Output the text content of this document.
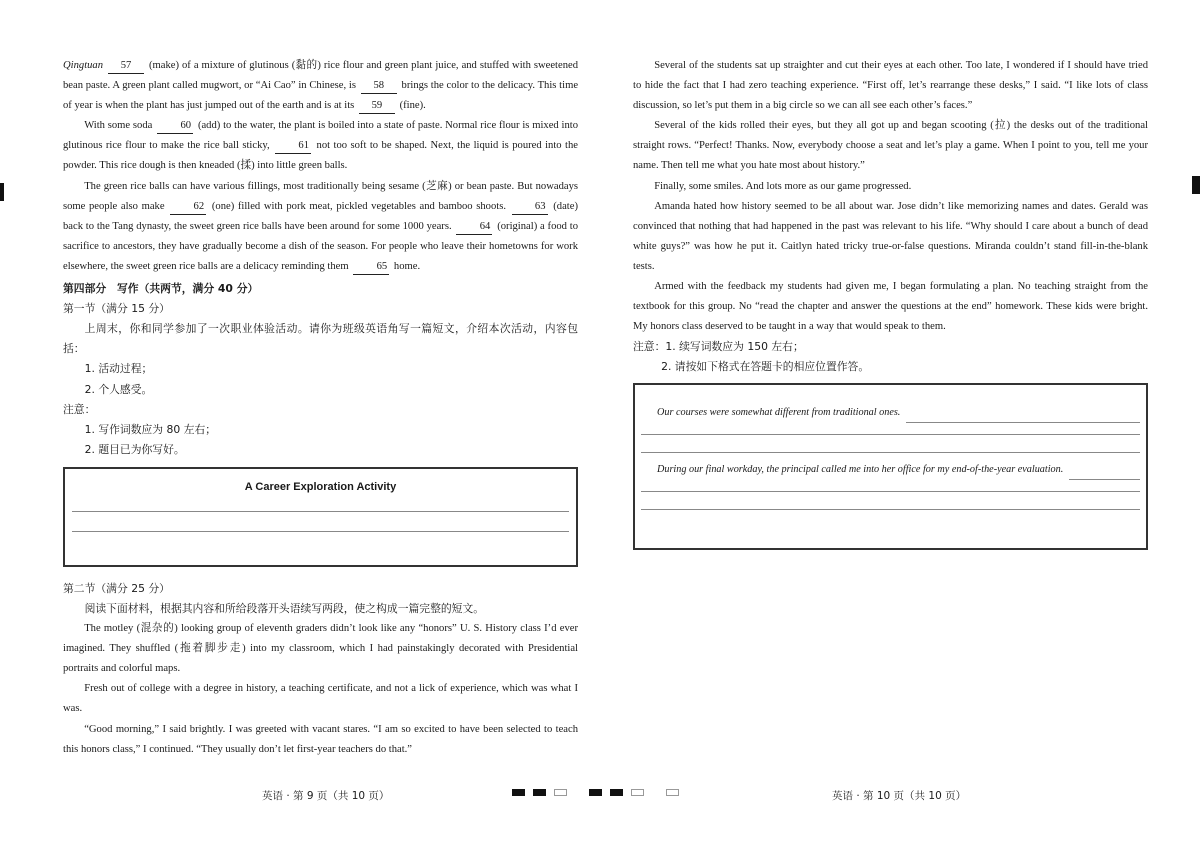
Qingtuan 57 (make) of a mixture of glutinous (黏的) rice flour and green plant juice, and stuffed with sweetened bean paste. A green plant called mugwort, or “Ai Cao” in Chinese, is 58 brings the color to the delicacy. This time of year is when the plant has just jumped out of the earth and is at its 59 (fine).

With some soda	60 (add) to the water, the plant is boiled into a state of paste. Normal rice flour is mixed into glutinous rice flour to make the rice ball sticky,	61 not too soft to be shaped. Next, the liquid is poured into the powder. This rice dough is then kneaded (揉) into little green balls.

The green rice balls can have various fillings, most traditionally being sesame (芝麻) or bean paste. But nowadays some people also make	62 (one) filled with pork meat, pickled vegetables and bamboo shoots.	63 (date) back to the Tang dynasty, the sweet green rice balls have been around for some 1000 years.	64 (original) a food to sacrifice to ancestors, they have gradually become a dish of the season. For people who leave their hometowns for work elsewhere, the sweet green rice balls are a delicacy reminding them	65 home.

第四部分　写作（共两节，满分 40 分）

第一节（满分 15 分）

上周末，你和同学参加了一次职业体验活动。请你为班级英语角写一篇短文，介绍本次活动，内容包括：

1. 活动过程；

2. 个人感受。

注意：

1. 写作词数应为 80 左右；

2. 题目已为你写好。

A Career Exploration Activity

第二节（满分 25 分）

阅读下面材料，根据其内容和所给段落开头语续写两段，使之构成一篇完整的短文。

The motley (混杂的) looking group of eleventh graders didn’t look like any “honors” U. S. History class I’d ever imagined. They shuffled (拖着脚步走) into my classroom, which I had painstakingly decorated with Presidential portraits and colorful maps.

Fresh out of college with a degree in history, a teaching certificate, and not a lick of experience, which was what I was.

“Good morning,” I said brightly. I was greeted with vacant stares. “I am so excited to have been selected to teach this honors class,” I continued. “They usually don’t let first-year teachers do that.”

Several of the students sat up straighter and cut their eyes at each other. Too late, I wondered if I should have tried to hide the fact that I had zero teaching experience. “First off, let’s rearrange these desks,” I said. “I like lots of class discussion, so let’s put them in a big circle so we can all see each other’s faces.”

Several of the kids rolled their eyes, but they all got up and began scooting (拉) the desks out of the traditional straight rows. “Perfect! Thanks. Now, everybody choose a seat and let’s play a game. When I point to you, tell me your name. Then tell me what you hate most about history.”

Finally, some smiles. And lots more as our game progressed.

Amanda hated how history seemed to be all about war. Jose didn’t like memorizing names and dates. Gerald was convinced that nothing that had happened in the past was relevant to his life. “Why should I care about a bunch of dead white guys?” was how he put it. Caitlyn hated tricky true-or-false questions. Miranda couldn’t stand fill-in-the-blank tests.

Armed with the feedback my students had given me, I began formulating a plan. No teaching straight from the textbook for this group. No “read the chapter and answer the questions at the end” homework. These kids were bright. My honors class deserved to be taught in a way that would speak to them.

注意：1. 续写词数应为 150 左右；

2. 请按如下格式在答题卡的相应位置作答。

Our courses were somewhat different from traditional ones.
During our final workday, the principal called me into her office for my end-of-the-year evaluation.
英语 · 第 9 页（共 10 页）	英语 · 第 10 页（共 10 页）
